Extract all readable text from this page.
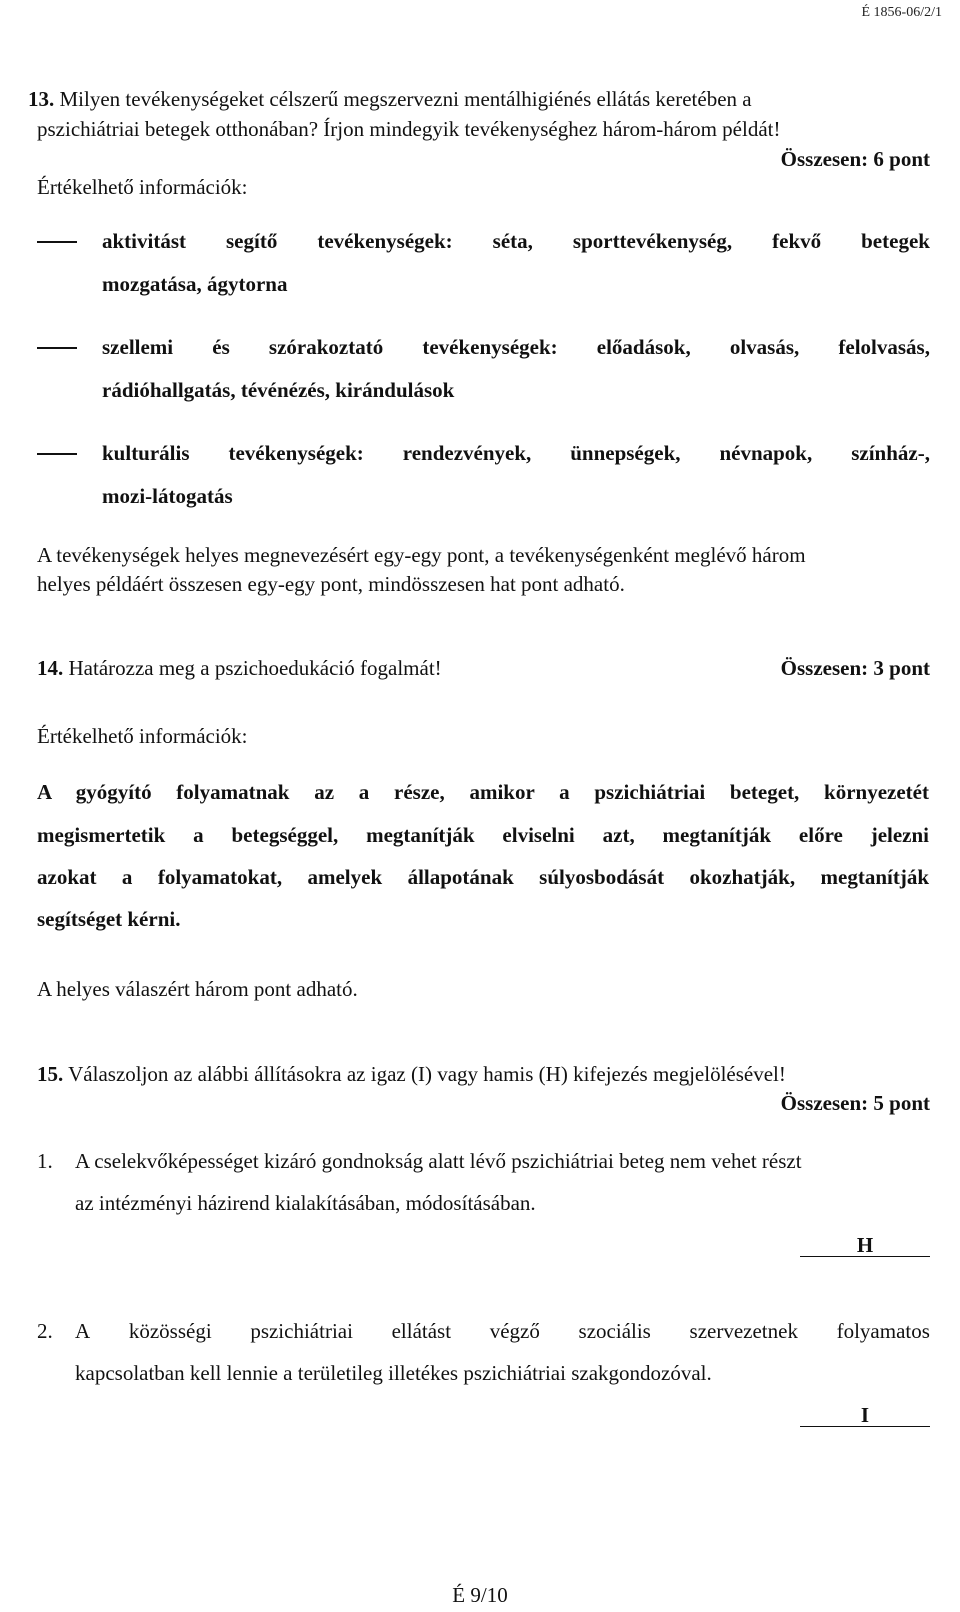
É 1856-06/2/1
13. Milyen tevékenységeket célszerű megszervezni mentálhigiénés ellátás keretében a
pszichiátriai betegek otthonában? Írjon mindegyik tevékenységhez három-három példát!
Összesen: 6 pont
Értékelhető információk:
aktivitást segítő tevékenységek: séta, sporttevékenység, fekvő betegek
mozgatása, ágytorna
szellemi és szórakoztató tevékenységek: előadások, olvasás, felolvasás,
rádióhallgatás, tévénézés, kirándulások
kulturális tevékenységek: rendezvények, ünnepségek, névnapok, színház-,
mozi-látogatás
A tevékenységek helyes megnevezésért egy-egy pont, a tevékenységenként meglévő három
helyes példáért összesen egy-egy pont, mindösszesen hat pont adható.
14. Határozza meg a pszichoedukáció fogalmát!	Összesen: 3 pont
Értékelhető információk:
A gyógyító folyamatnak az a része, amikor a pszichiátriai beteget, környezetét
megismertetik a betegséggel, megtanítják elviselni azt, megtanítják előre jelezni
azokat a folyamatokat, amelyek állapotának súlyosbodását okozhatják, megtanítják
segítséget kérni.
A helyes válaszért három pont adható.
15. Válaszoljon az alábbi állításokra az igaz (I) vagy hamis (H) kifejezés megjelölésével!
Összesen: 5 pont
1. A cselekvőképességet kizáró gondnokság alatt lévő pszichiátriai beteg nem vehet részt
az intézményi házirend kialakításában, módosításában.
H
2. A közösségi pszichiátriai ellátást végző szociális szervezetnek folyamatos
kapcsolatban kell lennie a területileg illetékes pszichiátriai szakgondozóval.
I
É 9/10
